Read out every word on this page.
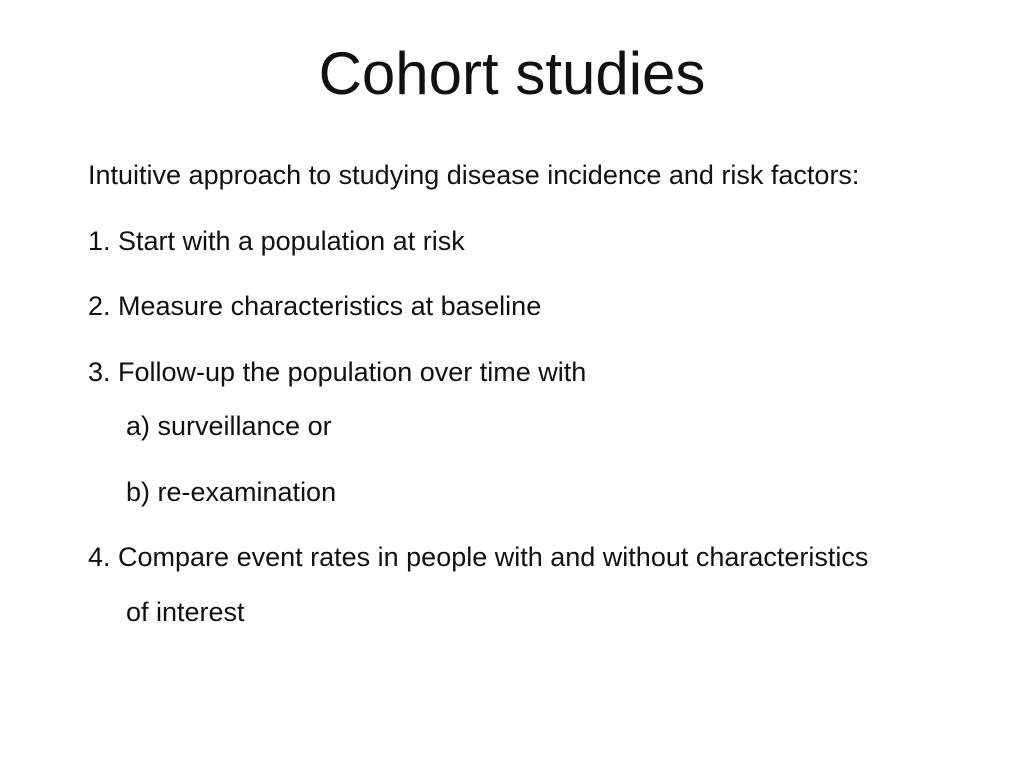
Cohort studies
Intuitive approach to studying disease incidence and risk factors:
1. Start with a population at risk
2. Measure characteristics at baseline
3. Follow-up the population over time with
a) surveillance or
b) re-examination
4. Compare event rates in people with and without characteristics
of interest
